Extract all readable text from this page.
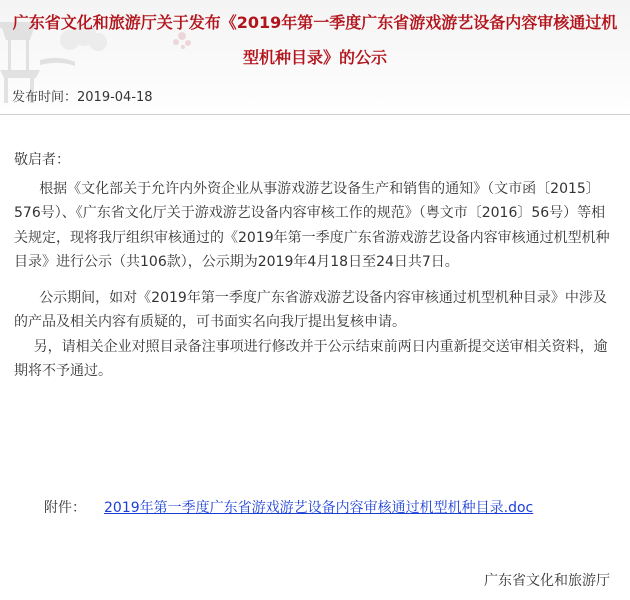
广东省文化和旅游厅关于发布《2019年第一季度广东省游戏游艺设备内容审核通过机型机种目录》的公示
发布时间：2019-04-18

敬启者：

根据《文化部关于允许内外资企业从事游戏游艺设备生产和销售的通知》（文市函〔2015〕576号）、《广东省文化厅关于游戏游艺设备内容审核工作的规范》（粤文市〔2016〕56号）等相关规定，现将我厅组织审核通过的《2019年第一季度广东省游戏游艺设备内容审核通过机型机种目录》进行公示（共106款），公示期为2019年4月18日至24日共7日。

公示期间，如对《2019年第一季度广东省游戏游艺设备内容审核通过机型机种目录》中涉及的产品及相关内容有质疑的，可书面实名向我厅提出复核申请。

另，请相关企业对照目录备注事项进行修改并于公示结束前两日内重新提交送审相关资料，逾期将不予通过。

附件： 2019年第一季度广东省游戏游艺设备内容审核通过机型机种目录.doc
广东省文化和旅游厅
